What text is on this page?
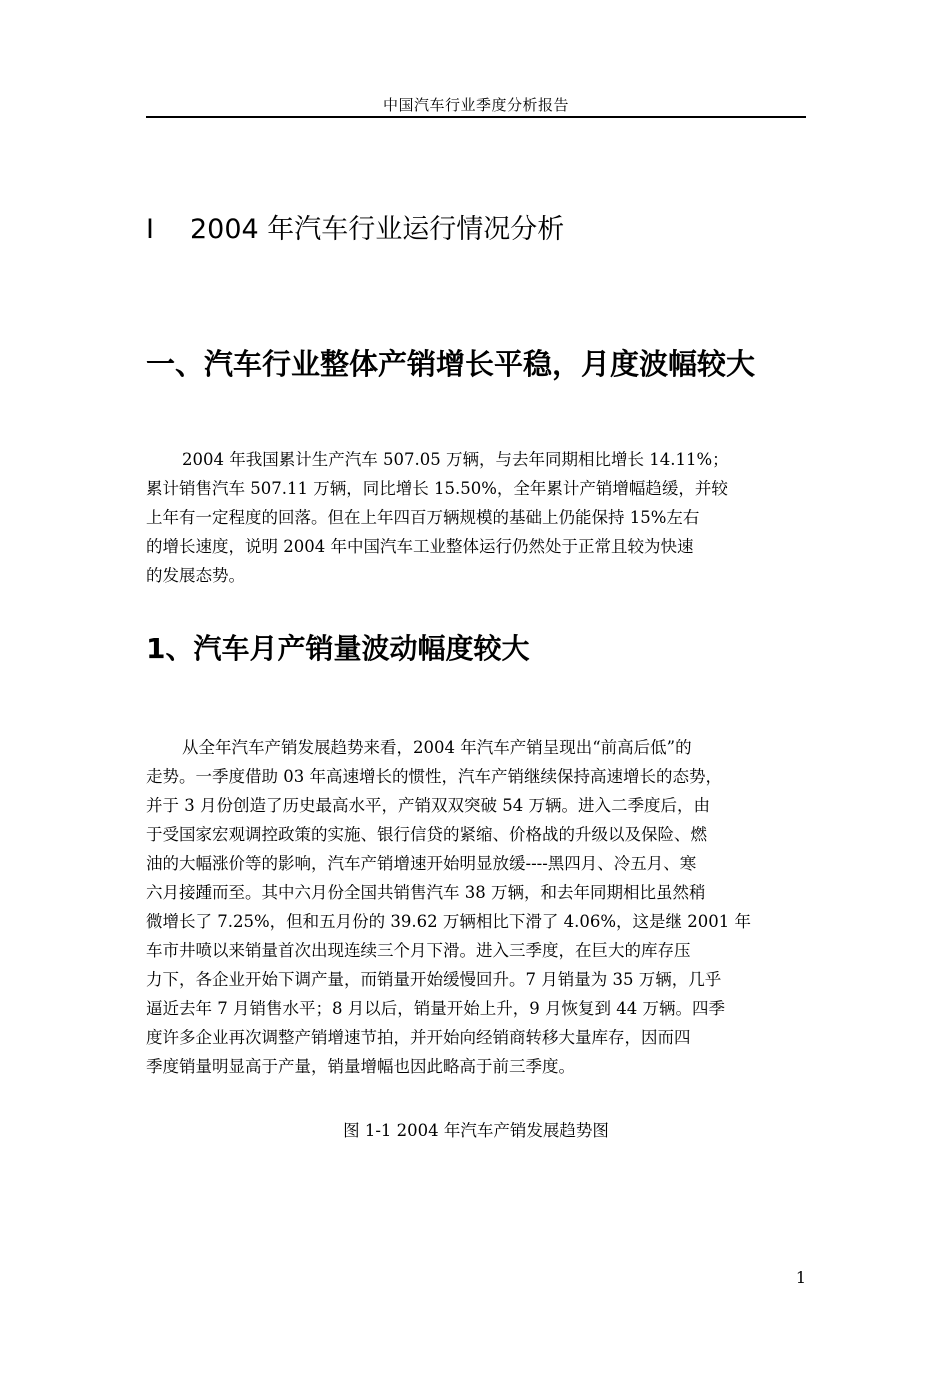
中国汽车行业季度分析报告
I 2004 年汽车行业运行情况分析
一、汽车行业整体产销增长平稳，月度波幅较大

2004 年我国累计生产汽车 507.05 万辆，与去年同期相比增长 14.11%；
累计销售汽车 507.11 万辆，同比增长 15.50%，全年累计产销增幅趋缓，并较
上年有一定程度的回落。但在上年四百万辆规模的基础上仍能保持 15%左右
的增长速度，说明 2004 年中国汽车工业整体运行仍然处于正常且较为快速
的发展态势。

1、汽车月产销量波动幅度较大

从全年汽车产销发展趋势来看，2004 年汽车产销呈现出“前高后低”的
走势。一季度借助 03 年高速增长的惯性，汽车产销继续保持高速增长的态势，
并于 3 月份创造了历史最高水平，产销双双突破 54 万辆。进入二季度后，由
于受国家宏观调控政策的实施、银行信贷的紧缩、价格战的升级以及保险、燃
油的大幅涨价等的影响，汽车产销增速开始明显放缓----黑四月、冷五月、寒
六月接踵而至。其中六月份全国共销售汽车 38 万辆，和去年同期相比虽然稍
微增长了 7.25%，但和五月份的 39.62 万辆相比下滑了 4.06%，这是继 2001 年
车市井喷以来销量首次出现连续三个月下滑。进入三季度，在巨大的库存压
力下，各企业开始下调产量，而销量开始缓慢回升。7 月销量为 35 万辆，几乎
逼近去年 7 月销售水平；8 月以后，销量开始上升，9 月恢复到 44 万辆。四季
度许多企业再次调整产销增速节拍，并开始向经销商转移大量库存，因而四
季度销量明显高于产量，销量增幅也因此略高于前三季度。

图 1-1 2004 年汽车产销发展趋势图
1
